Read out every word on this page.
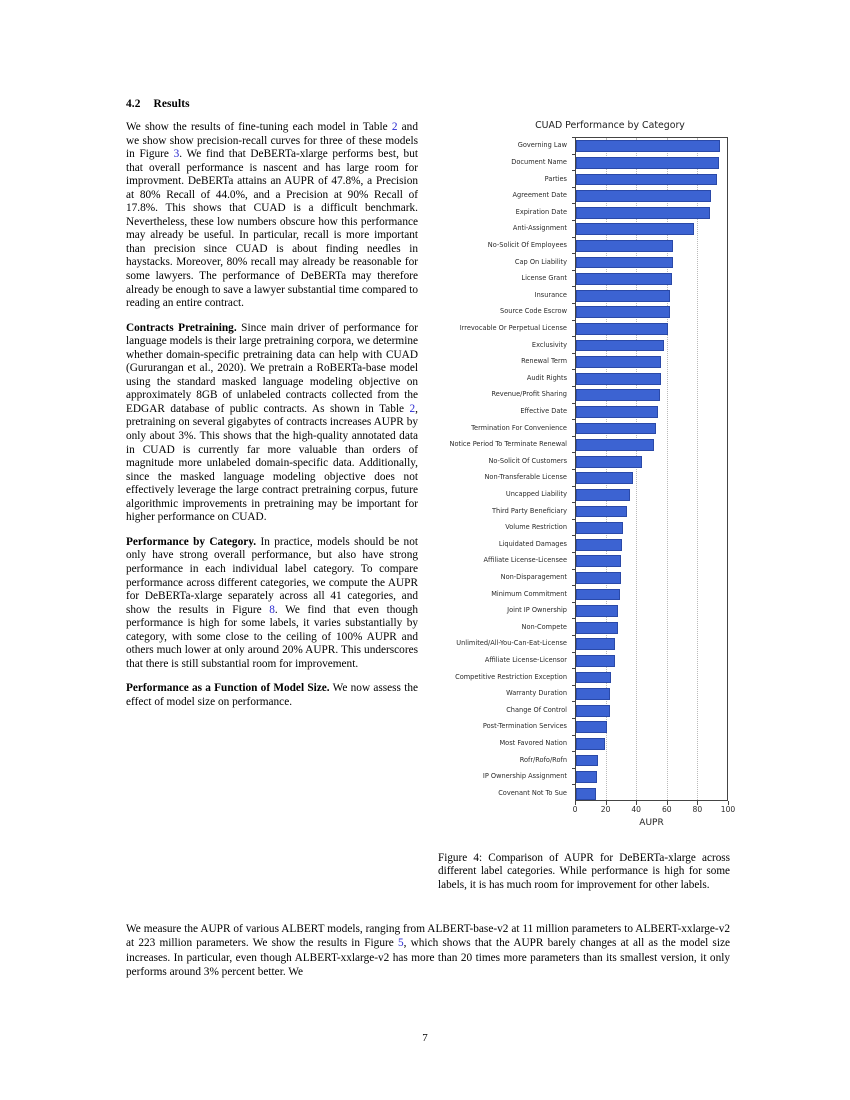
4.2 Results

We show the results of fine-tuning each model in Table 2 and we show show precision-recall curves for three of these models in Figure 3. We find that DeBERTa-xlarge performs best, but that overall performance is nascent and has large room for improvment. DeBERTa attains an AUPR of 47.8%, a Precision at 80% Recall of 44.0%, and a Precision at 90% Recall of 17.8%. This shows that CUAD is a difficult benchmark. Nevertheless, these low numbers obscure how this performance may already be useful. In particular, recall is more important than precision since CUAD is about finding needles in haystacks. Moreover, 80% recall may already be reasonable for some lawyers. The performance of DeBERTa may therefore already be enough to save a lawyer substantial time compared to reading an entire contract.

Contracts Pretraining. Since main driver of performance for language models is their large pretraining corpora, we determine whether domain-specific pretraining data can help with CUAD (Gururangan et al., 2020). We pretrain a RoBERTa-base model using the standard masked language modeling objective on approximately 8GB of unlabeled contracts collected from the EDGAR database of public contracts. As shown in Table 2, pretraining on several gigabytes of contracts increases AUPR by only about 3%. This shows that the high-quality annotated data in CUAD is currently far more valuable than orders of magnitude more unlabeled domain-specific data. Additionally, since the masked language modeling objective does not effectively leverage the large contract pretraining corpus, future algorithmic improvements in pretraining may be important for higher performance on CUAD.

Performance by Category. In practice, models should be not only have strong overall performance, but also have strong performance in each individual label category. To compare performance across different categories, we compute the AUPR for DeBERTa-xlarge separately across all 41 categories, and show the results in Figure 8. We find that even though performance is high for some labels, it varies substantially by category, with some close to the ceiling of 100% AUPR and others much lower at only around 20% AUPR. This underscores that there is still substantial room for improvement.

Performance as a Function of Model Size. We now assess the effect of model size on performance.

CUAD Performance by Category
Governing Law
Document Name
Parties
Agreement Date
Expiration Date
Anti-Assignment
No-Solicit Of Employees
Cap On Liability
License Grant
Insurance
Source Code Escrow
Irrevocable Or Perpetual License
Exclusivity
Renewal Term
Audit Rights
Revenue/Profit Sharing
Effective Date
Termination For Convenience
Notice Period To Terminate Renewal
No-Solicit Of Customers
Non-Transferable License
Uncapped Liability
Third Party Beneficiary
Volume Restriction
Liquidated Damages
Affiliate License-Licensee
Non-Disparagement
Minimum Commitment
Joint IP Ownership
Non-Compete
Unlimited/All-You-Can-Eat-License
Affiliate License-Licensor
Competitive Restriction Exception
Warranty Duration
Change Of Control
Post-Termination Services
Most Favored Nation
Rofr/Rofo/Rofn
IP Ownership Assignment
Covenant Not To Sue
0	20	40	60	80 100
AUPR
Figure 4: Comparison of AUPR for DeBERTa-xlarge across different label categories. While performance is high for some labels, it is has much room for improvement for other labels.

We measure the AUPR of various ALBERT models, ranging from ALBERT-base-v2 at 11 million parameters to ALBERT-xxlarge-v2 at 223 million parameters. We show the results in Figure 5, which shows that the AUPR barely changes at all as the model size increases. In particular, even though ALBERT-xxlarge-v2 has more than 20 times more parameters than its smallest version, it only performs around 3% percent better. We

7
